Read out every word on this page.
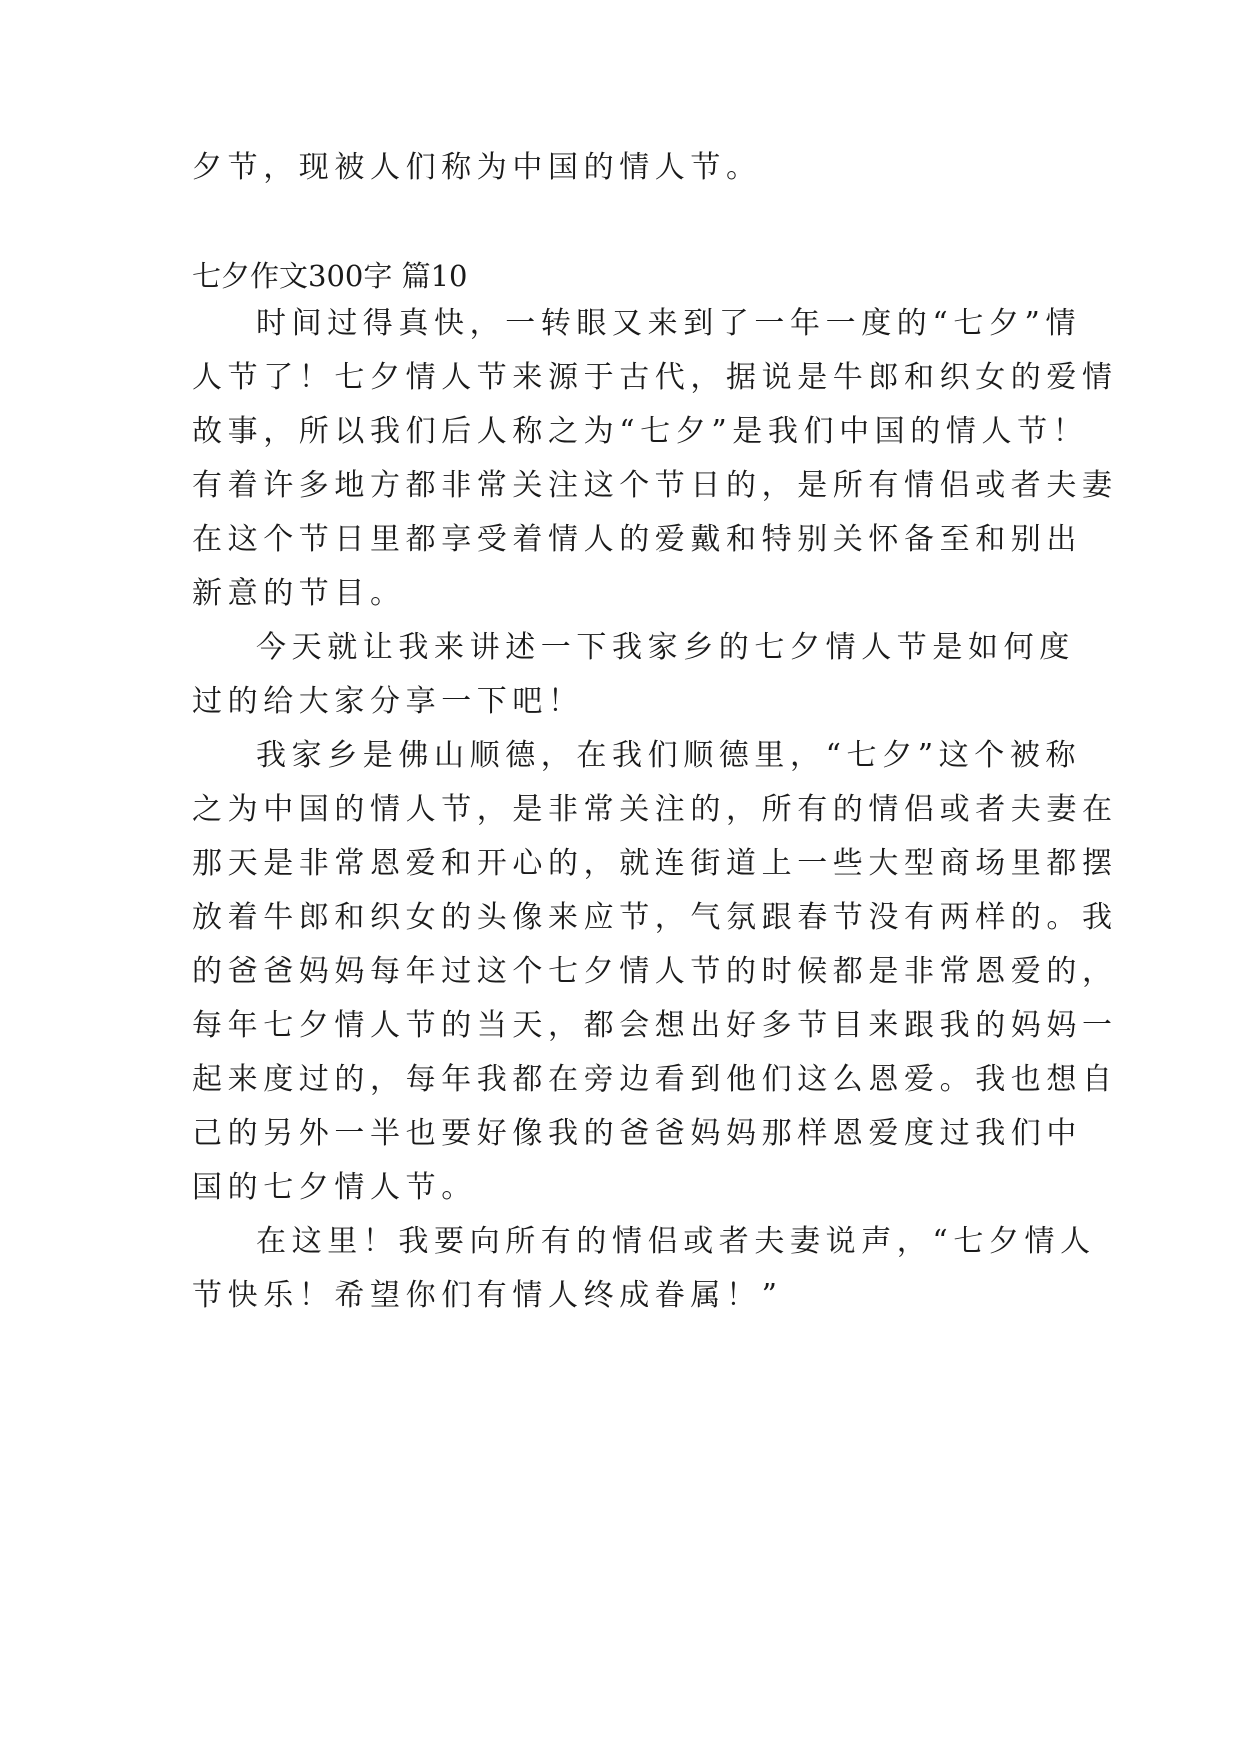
夕节，现被人们称为中国的情人节。
七夕作文300字 篇10
时间过得真快，一转眼又来到了一年一度的“七夕”情
人节了！七夕情人节来源于古代，据说是牛郎和织女的爱情
故事，所以我们后人称之为“七夕”是我们中国的情人节！
有着许多地方都非常关注这个节日的，是所有情侣或者夫妻
在这个节日里都享受着情人的爱戴和特别关怀备至和别出
新意的节目。
今天就让我来讲述一下我家乡的七夕情人节是如何度
过的给大家分享一下吧！
我家乡是佛山顺德，在我们顺德里，“七夕”这个被称
之为中国的情人节，是非常关注的，所有的情侣或者夫妻在
那天是非常恩爱和开心的，就连街道上一些大型商场里都摆
放着牛郎和织女的头像来应节，气氛跟春节没有两样的。我
的爸爸妈妈每年过这个七夕情人节的时候都是非常恩爱的，
每年七夕情人节的当天，都会想出好多节目来跟我的妈妈一
起来度过的，每年我都在旁边看到他们这么恩爱。我也想自
己的另外一半也要好像我的爸爸妈妈那样恩爱度过我们中
国的七夕情人节。
在这里！我要向所有的情侣或者夫妻说声，“七夕情人
节快乐！希望你们有情人终成眷属！”
